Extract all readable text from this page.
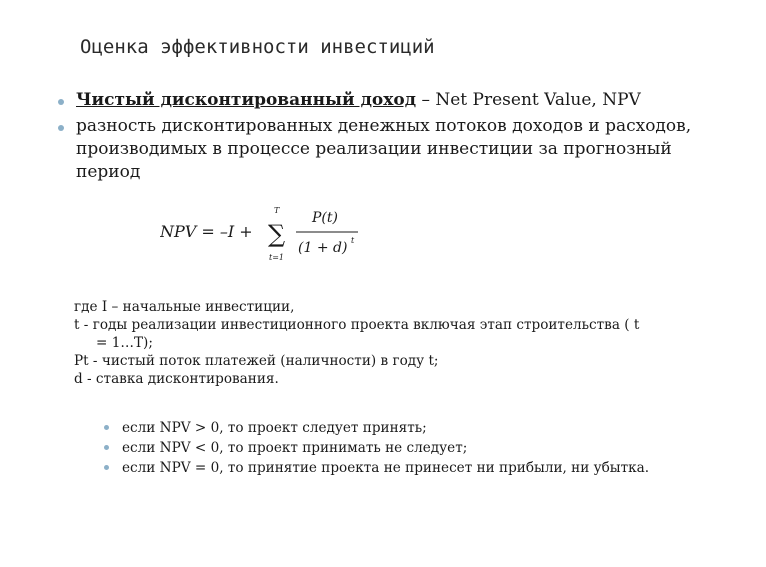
Оценка эффективности инвестиций
Чистый дисконтированный доход – Net Present Value, NPV
разность дисконтированных денежных потоков доходов и расходов,
производимых в процессе реализации инвестиции за прогнозный
период
NPV = –I +
T
∑
t=1
P(t)
(1 + d) t
где I – начальные инвестиции,
t - годы реализации инвестиционного проекта включая этап строительства ( t
= 1…T);
Pt - чистый поток платежей (наличности) в году t;
d - ставка дисконтирования.
если NPV > 0, то проект следует принять;
если NPV < 0, то проект принимать не следует;
если NPV = 0, то принятие проекта не принесет ни прибыли, ни убытка.
